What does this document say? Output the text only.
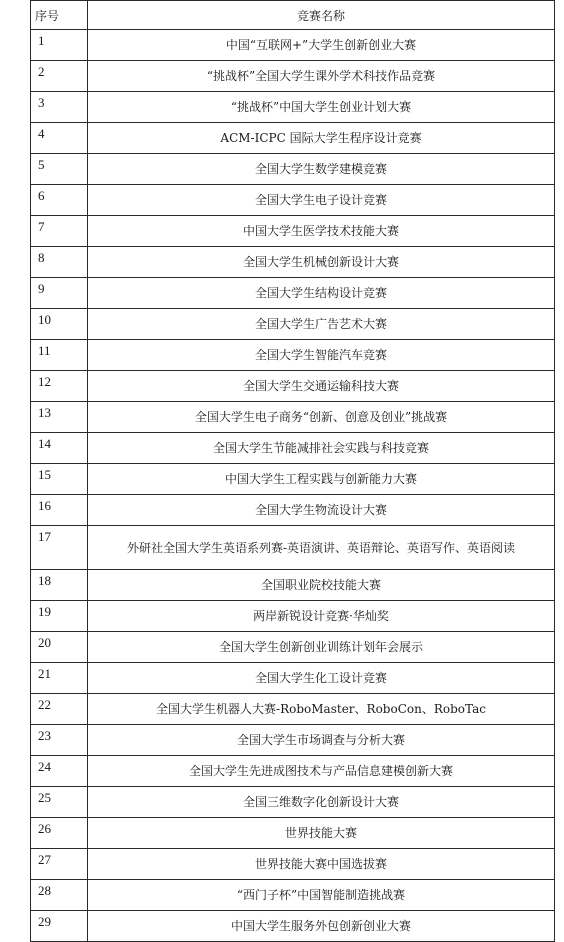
序号	竞赛名称
1	中国“互联网+”大学生创新创业大赛
2	“挑战杯”全国大学生课外学术科技作品竞赛
3	“挑战杯”中国大学生创业计划大赛
4	ACM-ICPC 国际大学生程序设计竞赛
5	全国大学生数学建模竞赛
6	全国大学生电子设计竞赛
7	中国大学生医学技术技能大赛
8	全国大学生机械创新设计大赛
9	全国大学生结构设计竞赛
10	全国大学生广告艺术大赛
11	全国大学生智能汽车竞赛
12	全国大学生交通运输科技大赛
13	全国大学生电子商务“创新、创意及创业”挑战赛
14	全国大学生节能减排社会实践与科技竞赛
15	中国大学生工程实践与创新能力大赛
16	全国大学生物流设计大赛
17	外研社全国大学生英语系列赛-英语演讲、英语辩论、英语写作、英语阅读
18	全国职业院校技能大赛
19	两岸新锐设计竞赛·华灿奖
20	全国大学生创新创业训练计划年会展示
21	全国大学生化工设计竞赛
22	全国大学生机器人大赛-RoboMaster、RoboCon、RoboTac
23	全国大学生市场调查与分析大赛
24	全国大学生先进成图技术与产品信息建模创新大赛
25	全国三维数字化创新设计大赛
26	世界技能大赛
27	世界技能大赛中国选拔赛
28	“西门子杯”中国智能制造挑战赛
29	中国大学生服务外包创新创业大赛
